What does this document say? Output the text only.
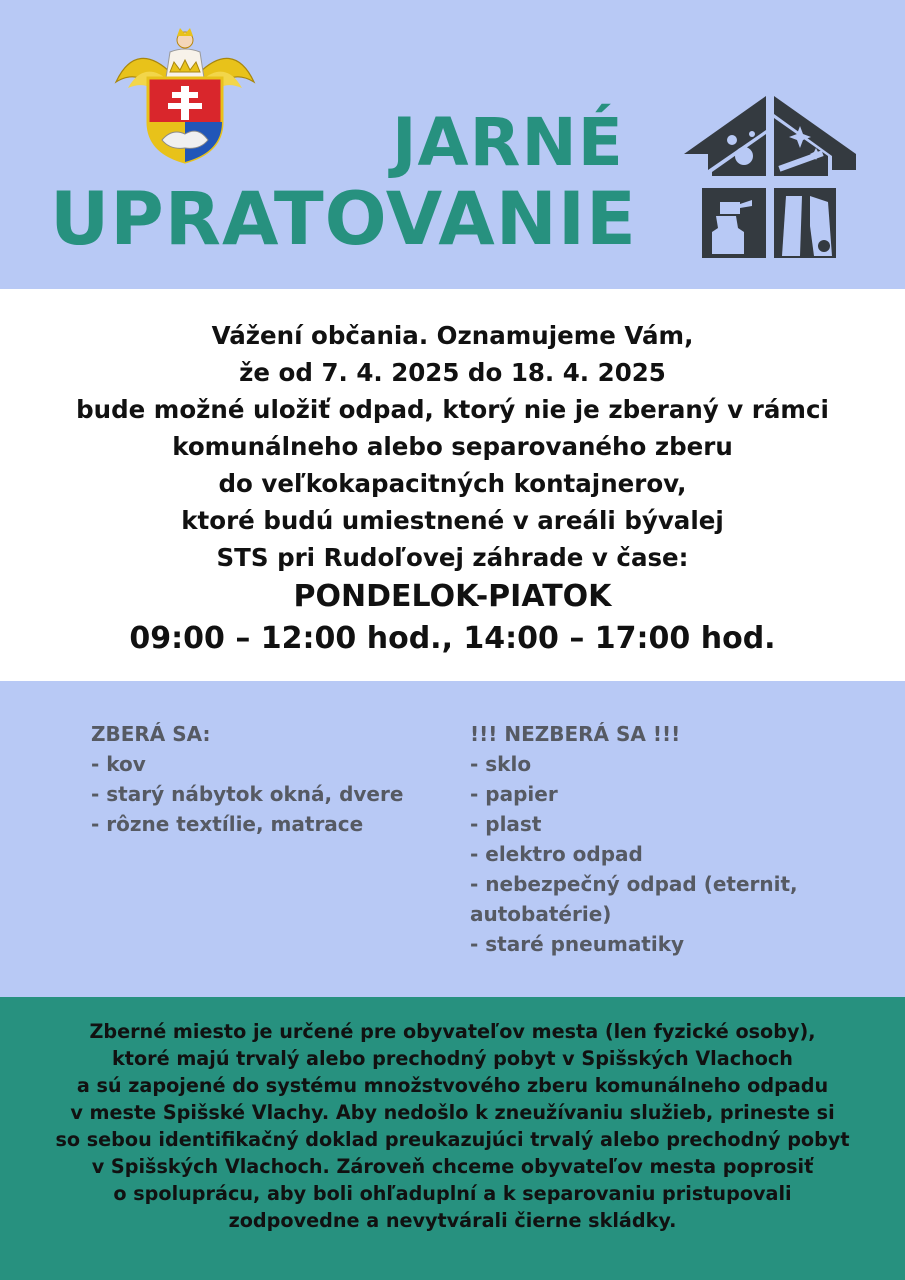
JARNÉ
UPRATOVANIE
Vážení občania. Oznamujeme Vám,
že od 7. 4. 2025 do 18. 4. 2025
bude možné uložiť odpad, ktorý nie je zberaný v rámci
komunálneho alebo separovaného zberu
do veľkokapacitných kontajnerov,
ktoré budú umiestnené v areáli bývalej
STS pri Rudoľovej záhrade v čase:
PONDELOK-PIATOK
09:00 – 12:00 hod., 14:00 – 17:00 hod.
ZBERÁ SA:
- kov
- starý nábytok okná, dvere
- rôzne textílie, matrace
!!! NEZBERÁ SA !!!
- sklo
- papier
- plast
- elektro odpad
- nebezpečný odpad (eternit,
autobatérie)
- staré pneumatiky
Zberné miesto je určené pre obyvateľov mesta (len fyzické osoby),
ktoré majú trvalý alebo prechodný pobyt v Spišských Vlachoch
a sú zapojené do systému množstvového zberu komunálneho odpadu
v meste Spišské Vlachy. Aby nedošlo k zneužívaniu služieb, prineste si
so sebou identifikačný doklad preukazujúci trvalý alebo prechodný pobyt
v Spišských Vlachoch. Zároveň chceme obyvateľov mesta poprosiť
o spoluprácu, aby boli ohľaduplní a k separovaniu pristupovali
zodpovedne a nevytvárali čierne skládky.
